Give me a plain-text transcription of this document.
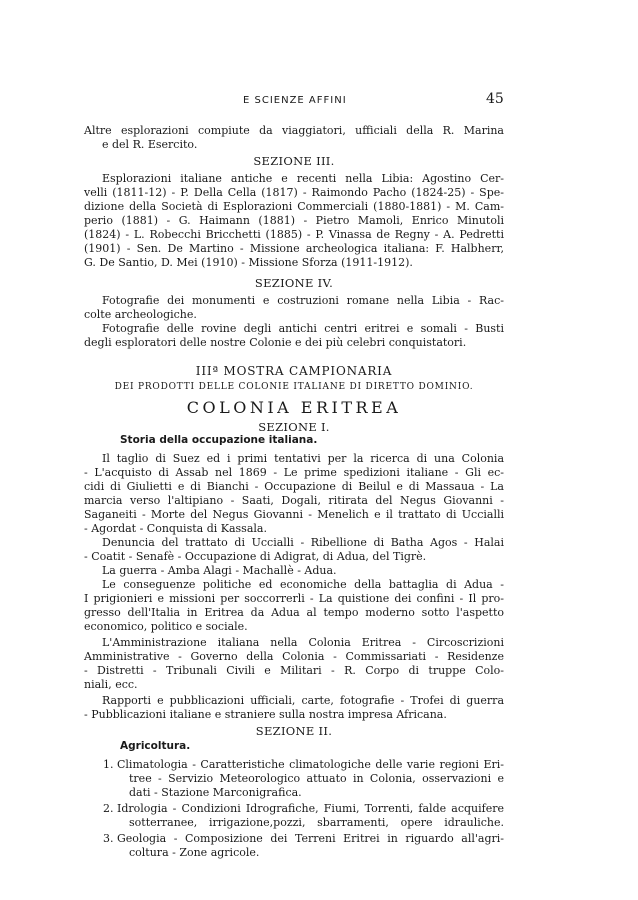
E SCIENZE AFFINI	45

Altre esplorazioni compiute da viaggiatori, ufficiali della R. Marina

e del R. Esercito.

SEZIONE III.

Esplorazioni italiane antiche e recenti nella Libia: Agostino Cer-

velli (1811-12) - P. Della Cella (1817) - Raimondo Pacho (1824-25) - Spe-

dizione della Società di Esplorazioni Commerciali (1880-1881) - M. Cam-

perio (1881) - G. Haimann (1881) - Pietro Mamoli, Enrico Minutoli

(1824) - L. Robecchi Bricchetti (1885) - P. Vinassa de Regny - A. Pedretti

(1901) - Sen. De Martino - Missione archeologica italiana: F. Halbherr,

G. De Santio, D. Mei (1910) - Missione Sforza (1911-1912).

SEZIONE IV.

Fotografie dei monumenti e costruzioni romane nella Libia - Rac-

colte archeologiche.

Fotografie delle rovine degli antichi centri eritrei e somali - Busti

degli esploratori delle nostre Colonie e dei più celebri conquistatori.

IIIª MOSTRA CAMPIONARIA

DEI PRODOTTI DELLE COLONIE ITALIANE DI DIRETTO DOMINIO.

COLONIA ERITREA

SEZIONE I.

Storia della occupazione italiana.

Il taglio di Suez ed i primi tentativi per la ricerca di una Colonia

- L'acquisto di Assab nel 1869 - Le prime spedizioni italiane - Gli ec-

cidi di Giulietti e di Bianchi - Occupazione di Beilul e di Massaua - La

marcia verso l'altipiano - Saati, Dogali, ritirata del Negus Giovanni -

Saganeiti - Morte del Negus Giovanni - Menelich e il trattato di Uccialli

- Agordat - Conquista di Kassala.

Denuncia del trattato di Uccialli - Ribellione di Batha Agos - Halai

- Coatit - Senafè - Occupazione di Adigrat, di Adua, del Tigrè.

La guerra - Amba Alagi - Machallè - Adua.

Le conseguenze politiche ed economiche della battaglia di Adua -

I prigionieri e missioni per soccorrerli - La quistione dei confini - Il pro-

gresso dell'Italia in Eritrea da Adua al tempo moderno sotto l'aspetto

economico, politico e sociale.

L'Amministrazione italiana nella Colonia Eritrea - Circoscrizioni

Amministrative - Governo della Colonia - Commissariati - Residenze

- Distretti - Tribunali Civili e Militari - R. Corpo di truppe Colo-

niali, ecc.

Rapporti e pubblicazioni ufficiali, carte, fotografie - Trofei di guerra

- Pubblicazioni italiane e straniere sulla nostra impresa Africana.

SEZIONE II.

Agricoltura.

1. Climatologia - Caratteristiche climatologiche delle varie regioni Eri-

tree - Servizio Meteorologico attuato in Colonia, osservazioni e

dati - Stazione Marconigrafica.

2. Idrologia - Condizioni Idrografiche, Fiumi, Torrenti, falde acquifere

sotterranee, irrigazione,pozzi, sbarramenti, opere idrauliche.

3. Geologia - Composizione dei Terreni Eritrei in riguardo all'agri-

coltura - Zone agricole.
